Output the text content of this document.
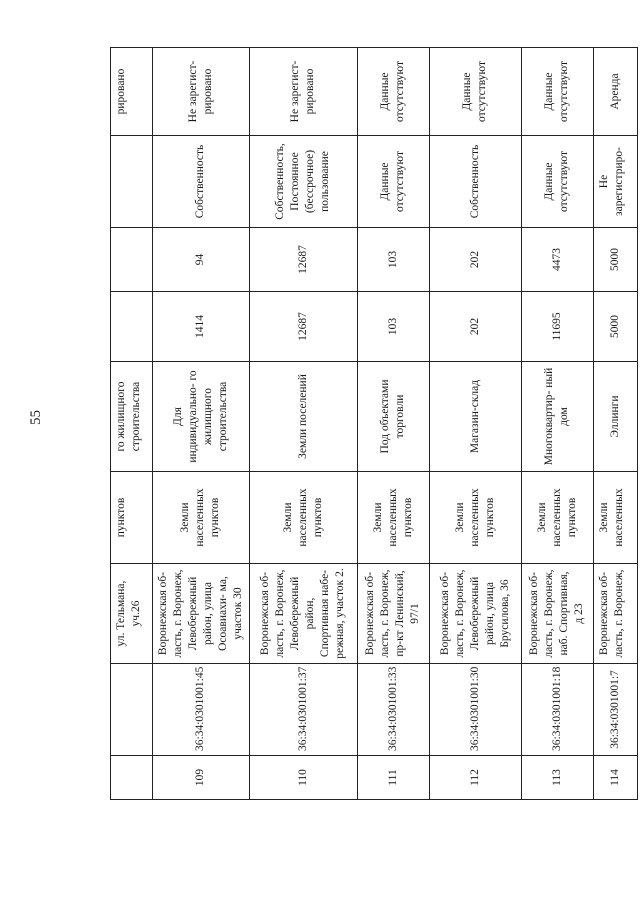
55
		ул. Тельмана, уч.26	пунктов	го жилищного строительства				рировано
109	36:34:0301001:45	Воронежская об- ласть, г. Воронеж, Левобережный район, улица Осоавиахи- ма, участок 30	Земли населенных пунктов	Для индивидуально- го жилищного строительства	1414	94	Собственность	Не зарегист- рировано
110	36:34:0301001:37	Воронежская об- ласть, г. Воронеж, Левобережный район, Спортивная набе- режная, участок 2.	Земли населенных пунктов	Земли поселений	12687	12687	Собственность, Постоянное (бессрочное) пользование	Не зарегист- рировано
111	36:34:0301001:33	Воронежская об- ласть, г. Воронеж, пр-кт Ленинский, 97/1	Земли населенных пунктов	Под объектами торговли	103	103	Данные отсутствуют	Данные отсутствуют
112	36:34:0301001:30	Воронежская об- ласть, г. Воронеж, Левобережный район, улица Брусилова, 36	Земли населенных пунктов	Магазин-склад	202	202	Собственность	Данные отсутствуют
113	36:34:0301001:18	Воронежская об- ласть, г. Воронеж, наб. Спортивная, д 23	Земли населенных пунктов	Многоквартир- ный дом	11695	4473	Данные отсутствуют	Данные отсутствуют
114	36:34:0301001:7	Воронежская об- ласть, г. Воронеж,	Земли населенных	Эллинги	5000	5000	Не зарегистриро-	Аренда
